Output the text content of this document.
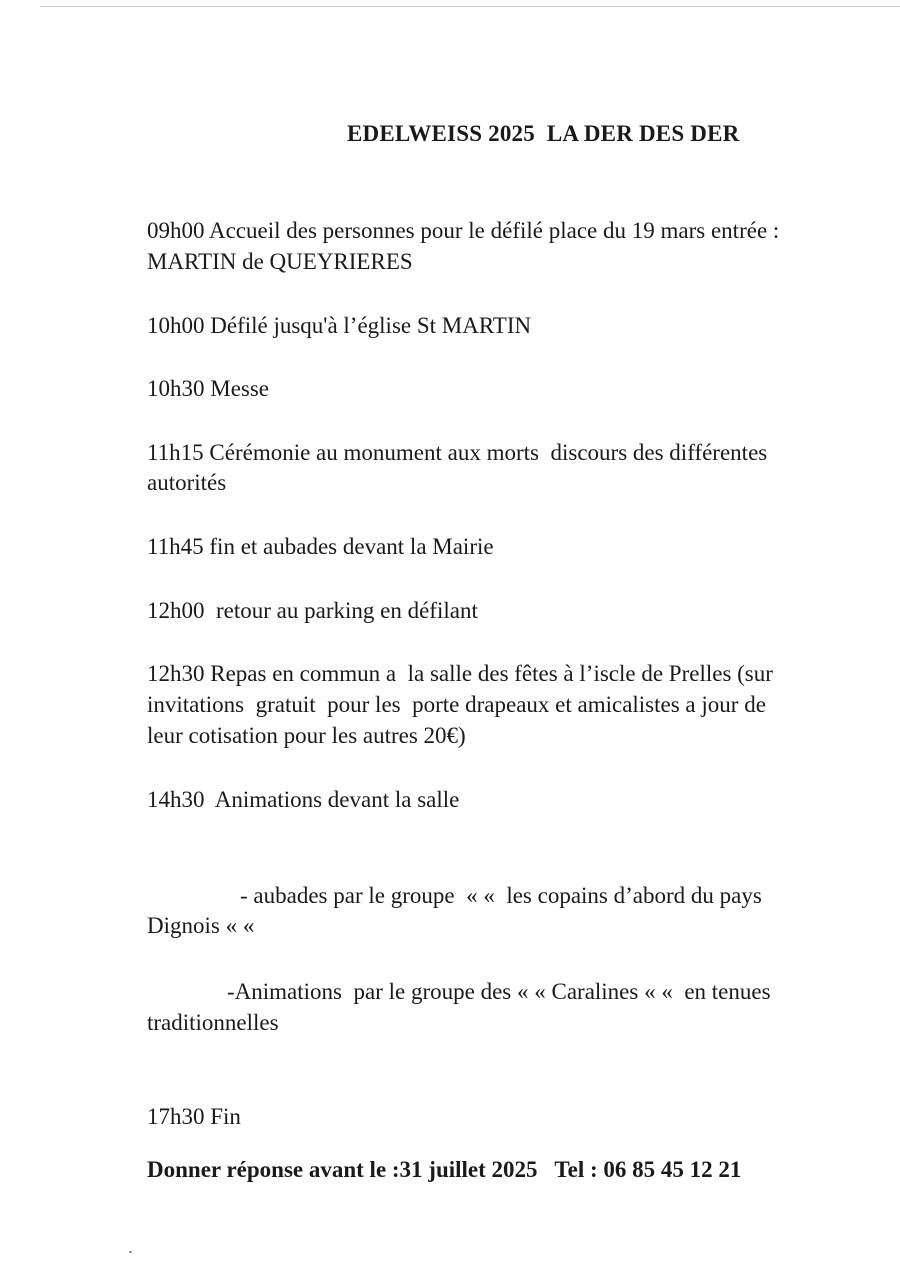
EDELWEISS 2025  LA DER DES DER
09h00 Accueil des personnes pour le défilé place du 19 mars entrée :
MARTIN de QUEYRIERES
10h00 Défilé jusqu'à l’église St MARTIN
10h30 Messe
11h15 Cérémonie au monument aux morts  discours des différentes
autorités
11h45 fin et aubades devant la Mairie
12h00  retour au parking en défilant
12h30 Repas en commun a  la salle des fêtes à l’iscle de Prelles (sur
invitations  gratuit  pour les  porte drapeaux et amicalistes a jour de
leur cotisation pour les autres 20€)
14h30  Animations devant la salle
- aubades par le groupe  « «  les copains d’abord du pays
Dignois « «
-Animations  par le groupe des « « Caralines « «  en tenues
traditionnelles
17h30 Fin
Donner réponse avant le :31 juillet 2025   Tel : 06 85 45 12 21
